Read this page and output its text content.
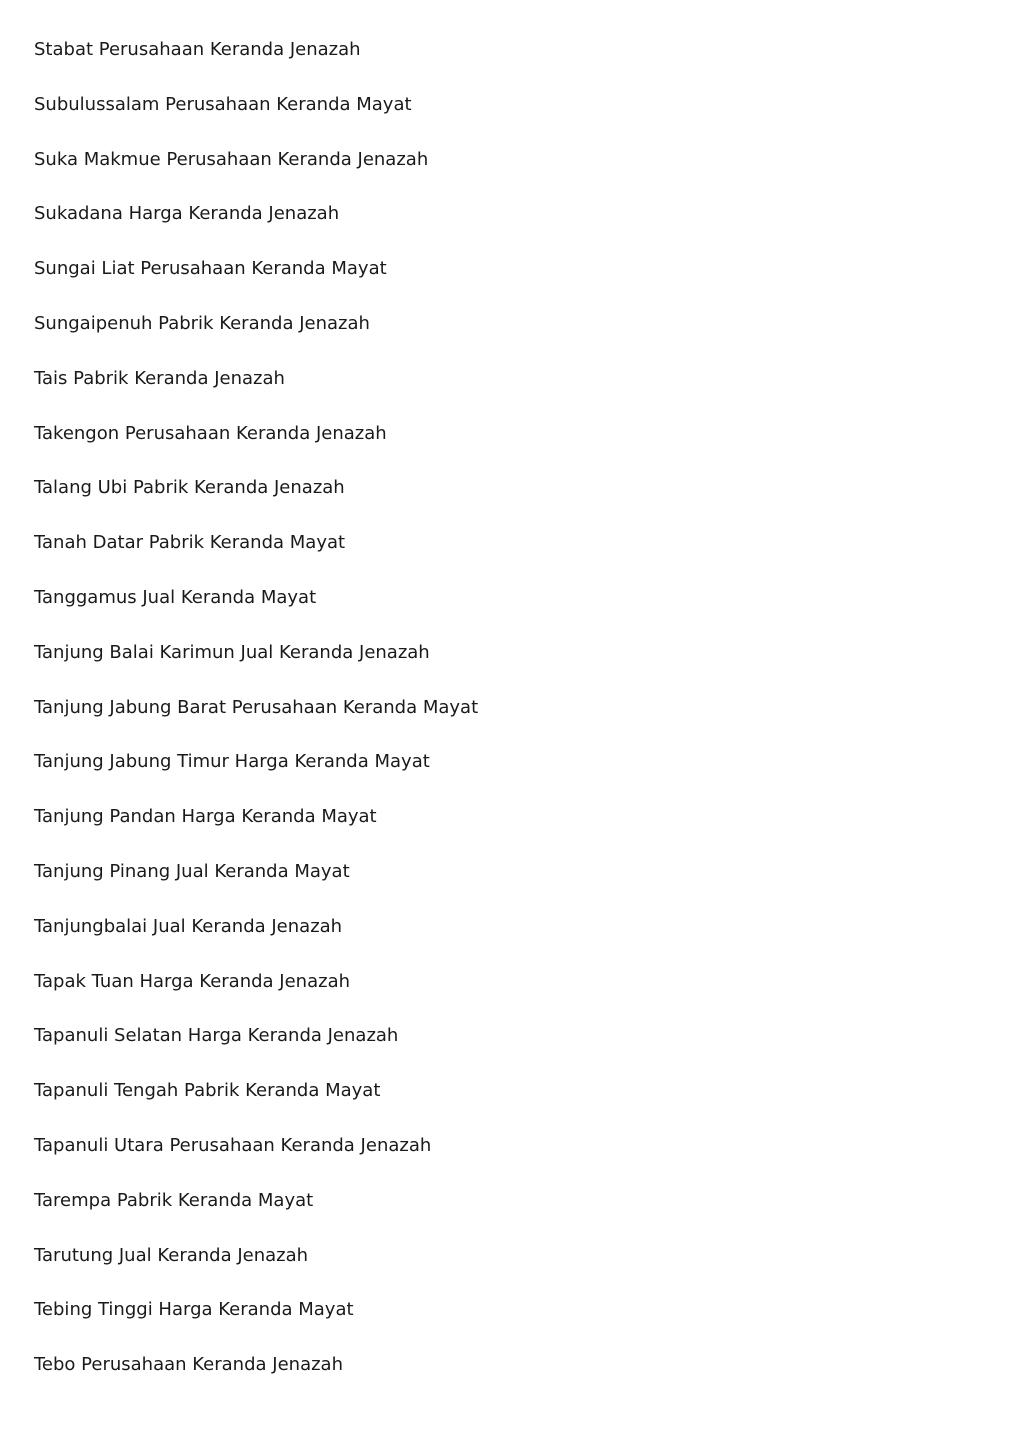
Stabat Perusahaan Keranda Jenazah
Subulussalam Perusahaan Keranda Mayat
Suka Makmue Perusahaan Keranda Jenazah
Sukadana Harga Keranda Jenazah
Sungai Liat Perusahaan Keranda Mayat
Sungaipenuh Pabrik Keranda Jenazah
Tais Pabrik Keranda Jenazah
Takengon Perusahaan Keranda Jenazah
Talang Ubi Pabrik Keranda Jenazah
Tanah Datar Pabrik Keranda Mayat
Tanggamus Jual Keranda Mayat
Tanjung Balai Karimun Jual Keranda Jenazah
Tanjung Jabung Barat Perusahaan Keranda Mayat
Tanjung Jabung Timur Harga Keranda Mayat
Tanjung Pandan Harga Keranda Mayat
Tanjung Pinang Jual Keranda Mayat
Tanjungbalai Jual Keranda Jenazah
Tapak Tuan Harga Keranda Jenazah
Tapanuli Selatan Harga Keranda Jenazah
Tapanuli Tengah Pabrik Keranda Mayat
Tapanuli Utara Perusahaan Keranda Jenazah
Tarempa Pabrik Keranda Mayat
Tarutung Jual Keranda Jenazah
Tebing Tinggi Harga Keranda Mayat
Tebo Perusahaan Keranda Jenazah
